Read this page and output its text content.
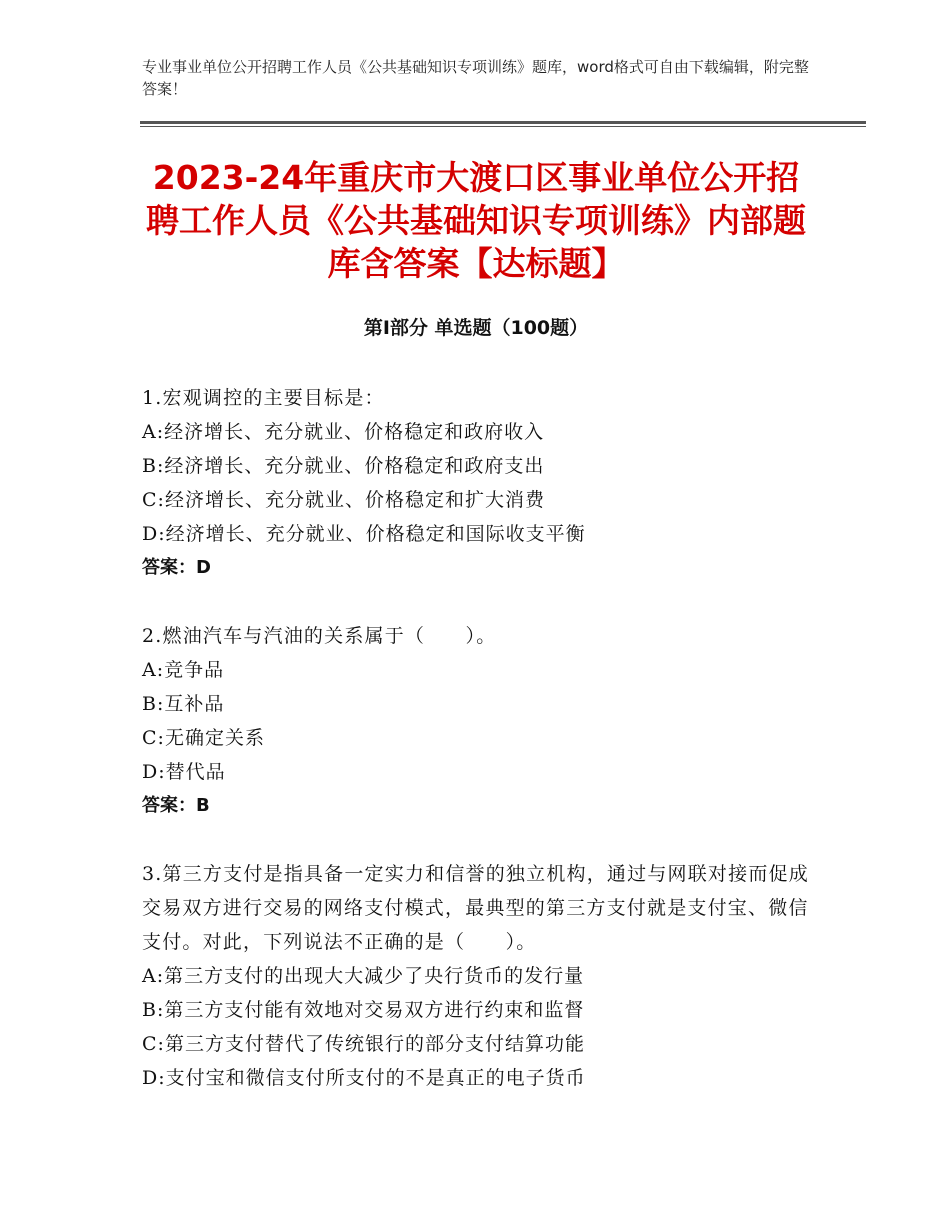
专业事业单位公开招聘工作人员《公共基础知识专项训练》题库，word格式可自由下载编辑，附完整答案！
2023-24年重庆市大渡口区事业单位公开招聘工作人员《公共基础知识专项训练》内部题库含答案【达标题】
第Ⅰ部分 单选题（100题）
1.宏观调控的主要目标是：
A:经济增长、充分就业、价格稳定和政府收入
B:经济增长、充分就业、价格稳定和政府支出
C:经济增长、充分就业、价格稳定和扩大消费
D:经济增长、充分就业、价格稳定和国际收支平衡
答案：D
2.燃油汽车与汽油的关系属于（　　）。
A:竞争品
B:互补品
C:无确定关系
D:替代品
答案：B
3.第三方支付是指具备一定实力和信誉的独立机构，通过与网联对接而促成交易双方进行交易的网络支付模式，最典型的第三方支付就是支付宝、微信支付。对此，下列说法不正确的是（　　）。
A:第三方支付的出现大大减少了央行货币的发行量
B:第三方支付能有效地对交易双方进行约束和监督
C:第三方支付替代了传统银行的部分支付结算功能
D:支付宝和微信支付所支付的不是真正的电子货币
